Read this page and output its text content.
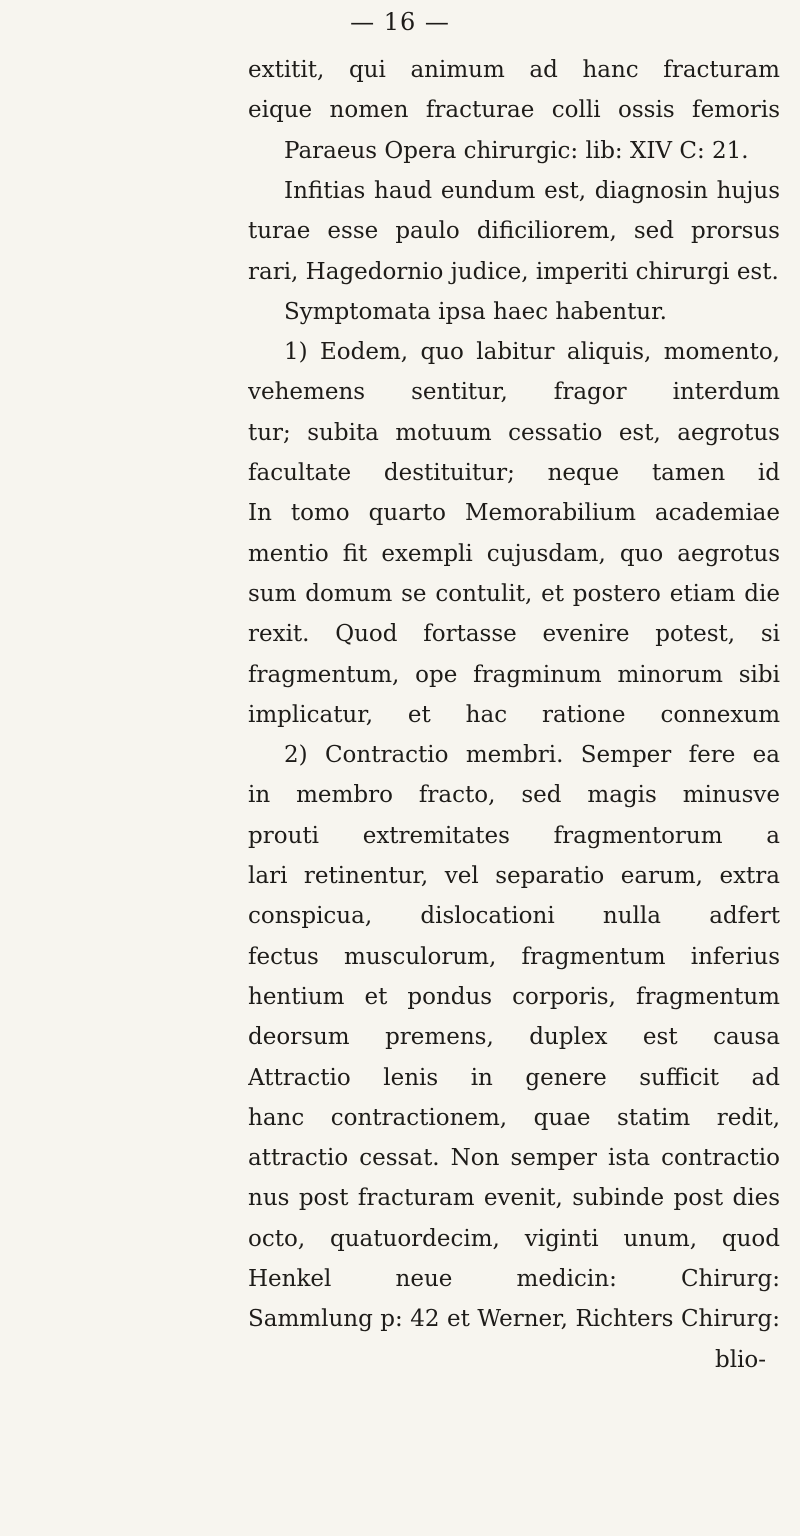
— 16 —
extitit, qui animum ad hanc fracturam
eique nomen fracturae colli ossis femoris
Paraeus Opera chirurgic: lib: XIV C: 21.
Infitias haud eundum est, diagnosin hujus
turae esse paulo dificiliorem, sed prorsus
rari, Hagedornio judice, imperiti chirurgi est.
Symptomata ipsa haec habentur.
1) Eodem, quo labitur aliquis, momento,
vehemens sentitur, fragor interdum
tur; subita motuum cessatio est, aegrotus
facultate destituitur; neque tamen id
In tomo quarto Memorabilium academiae
mentio fit exempli cujusdam, quo aegrotus
sum domum se contulit, et postero etiam die
rexit. Quod fortasse evenire potest, si
fragmentum, ope fragminum minorum sibi
implicatur, et hac ratione connexum
2) Contractio membri. Semper fere ea
in membro fracto, sed magis minusve
prouti extremitates fragmentorum a
lari retinentur, vel separatio earum, extra
conspicua, dislocationi nulla adfert
fectus musculorum, fragmentum inferius
hentium et pondus corporis, fragmentum
deorsum premens, duplex est causa
Attractio lenis in genere sufficit ad
hanc contractionem, quae statim redit,
attractio cessat. Non semper ista contractio
nus post fracturam evenit, subinde post dies
octo, quatuordecim, viginti unum, quod
Henkel neue medicin: Chirurg:
Sammlung p: 42 et Werner, Richters Chirurg:
blio-
